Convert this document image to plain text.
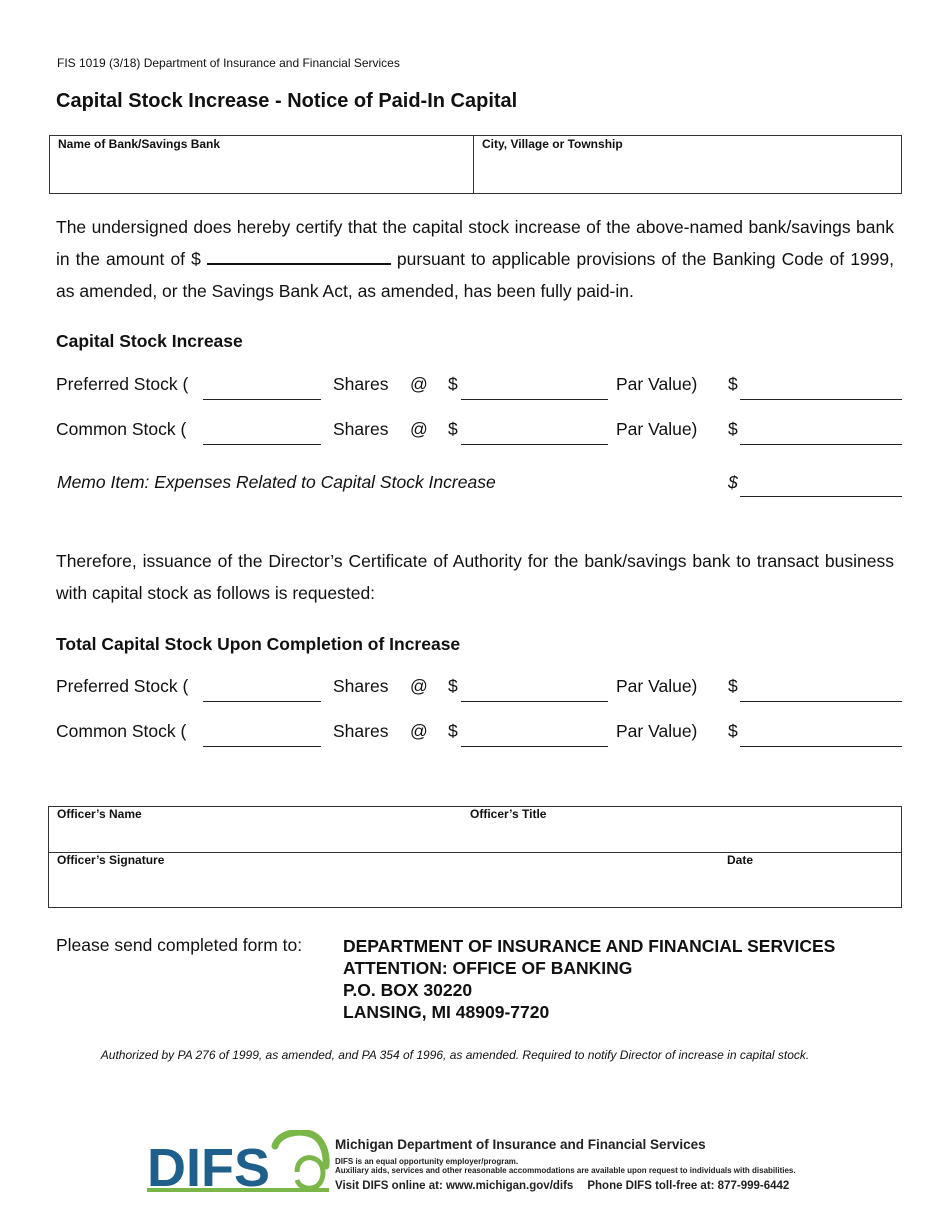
FIS 1019 (3/18) Department of Insurance and Financial Services
Capital Stock Increase - Notice of Paid-In Capital
Name of Bank/Savings Bank	City, Village or Township
The undersigned does hereby certify that the capital stock increase of the above-named bank/savings bank in the amount of $	pursuant to applicable provisions of the Banking Code of 1999, as amended, or the Savings Bank Act, as amended, has been fully paid-in.
Capital Stock Increase
Preferred Stock (	Shares @ $	Par Value) $
Common Stock (	Shares @ $	Par Value) $
Memo Item: Expenses Related to Capital Stock Increase	$
Therefore, issuance of the Director’s Certificate of Authority for the bank/savings bank to transact business with capital stock as follows is requested:
Total Capital Stock Upon Completion of Increase
Preferred Stock (	Shares @ $	Par Value) $
Common Stock (	Shares @ $	Par Value) $
Officer’s Name	Officer’s Title
Officer’s Signature	Date
Please send completed form to: DEPARTMENT OF INSURANCE AND FINANCIAL SERVICES
ATTENTION: OFFICE OF BANKING
P.O. BOX 30220
LANSING, MI 48909-7720
Authorized by PA 276 of 1999, as amended, and PA 354 of 1996, as amended. Required to notify Director of increase in capital stock.
DIFS	Michigan Department of Insurance and Financial Services
DIFS is an equal opportunity employer/program.
Auxiliary aids, services and other reasonable accommodations are available upon request to individuals with disabilities.
Visit DIFS online at: www.michigan.gov/difs Phone DIFS toll-free at: 877-999-6442
